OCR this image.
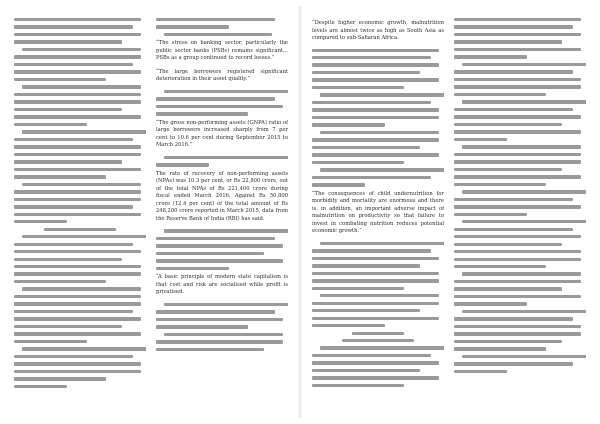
“The stress on banking sector, particularly the public sector banks (PSBs) remains significant... PSBs as a group continued to record losses.”

“The large borrowers registered significant deterioration in their asset quality.”

“The gross non-performing assets (GNPA) ratio of large borrowers increased sharply from 7 per cent to 10.6 per cent during September 2015 to March 2016.”

The rate of recovery of non-performing assets (NPAs) was 10.3 per cent, or Rs 22,800 crore, out of the total NPAs of Rs 221,400 crore during fiscal ended March 2016. Against Rs 50,800 crore (12.4 per cent) of the total amount of Rs 248,200 crore reported in March 2015, data from the Reserve Bank of India (RBI) has said.

“A basic principle of modern state capitalism is that cost and risk are socialised while profit is privatised.

“Despite higher economic growth, malnutrition levels are almost twice as high as South Asia as compared to sub-Saharan Africa.

“The consequences of child undernutrition for morbidity and mortality are enormous and there is, in addition, an important adverse impact of malnutrition on productivity so that failure to invest in combating nutrition reduces potential economic growth.”
